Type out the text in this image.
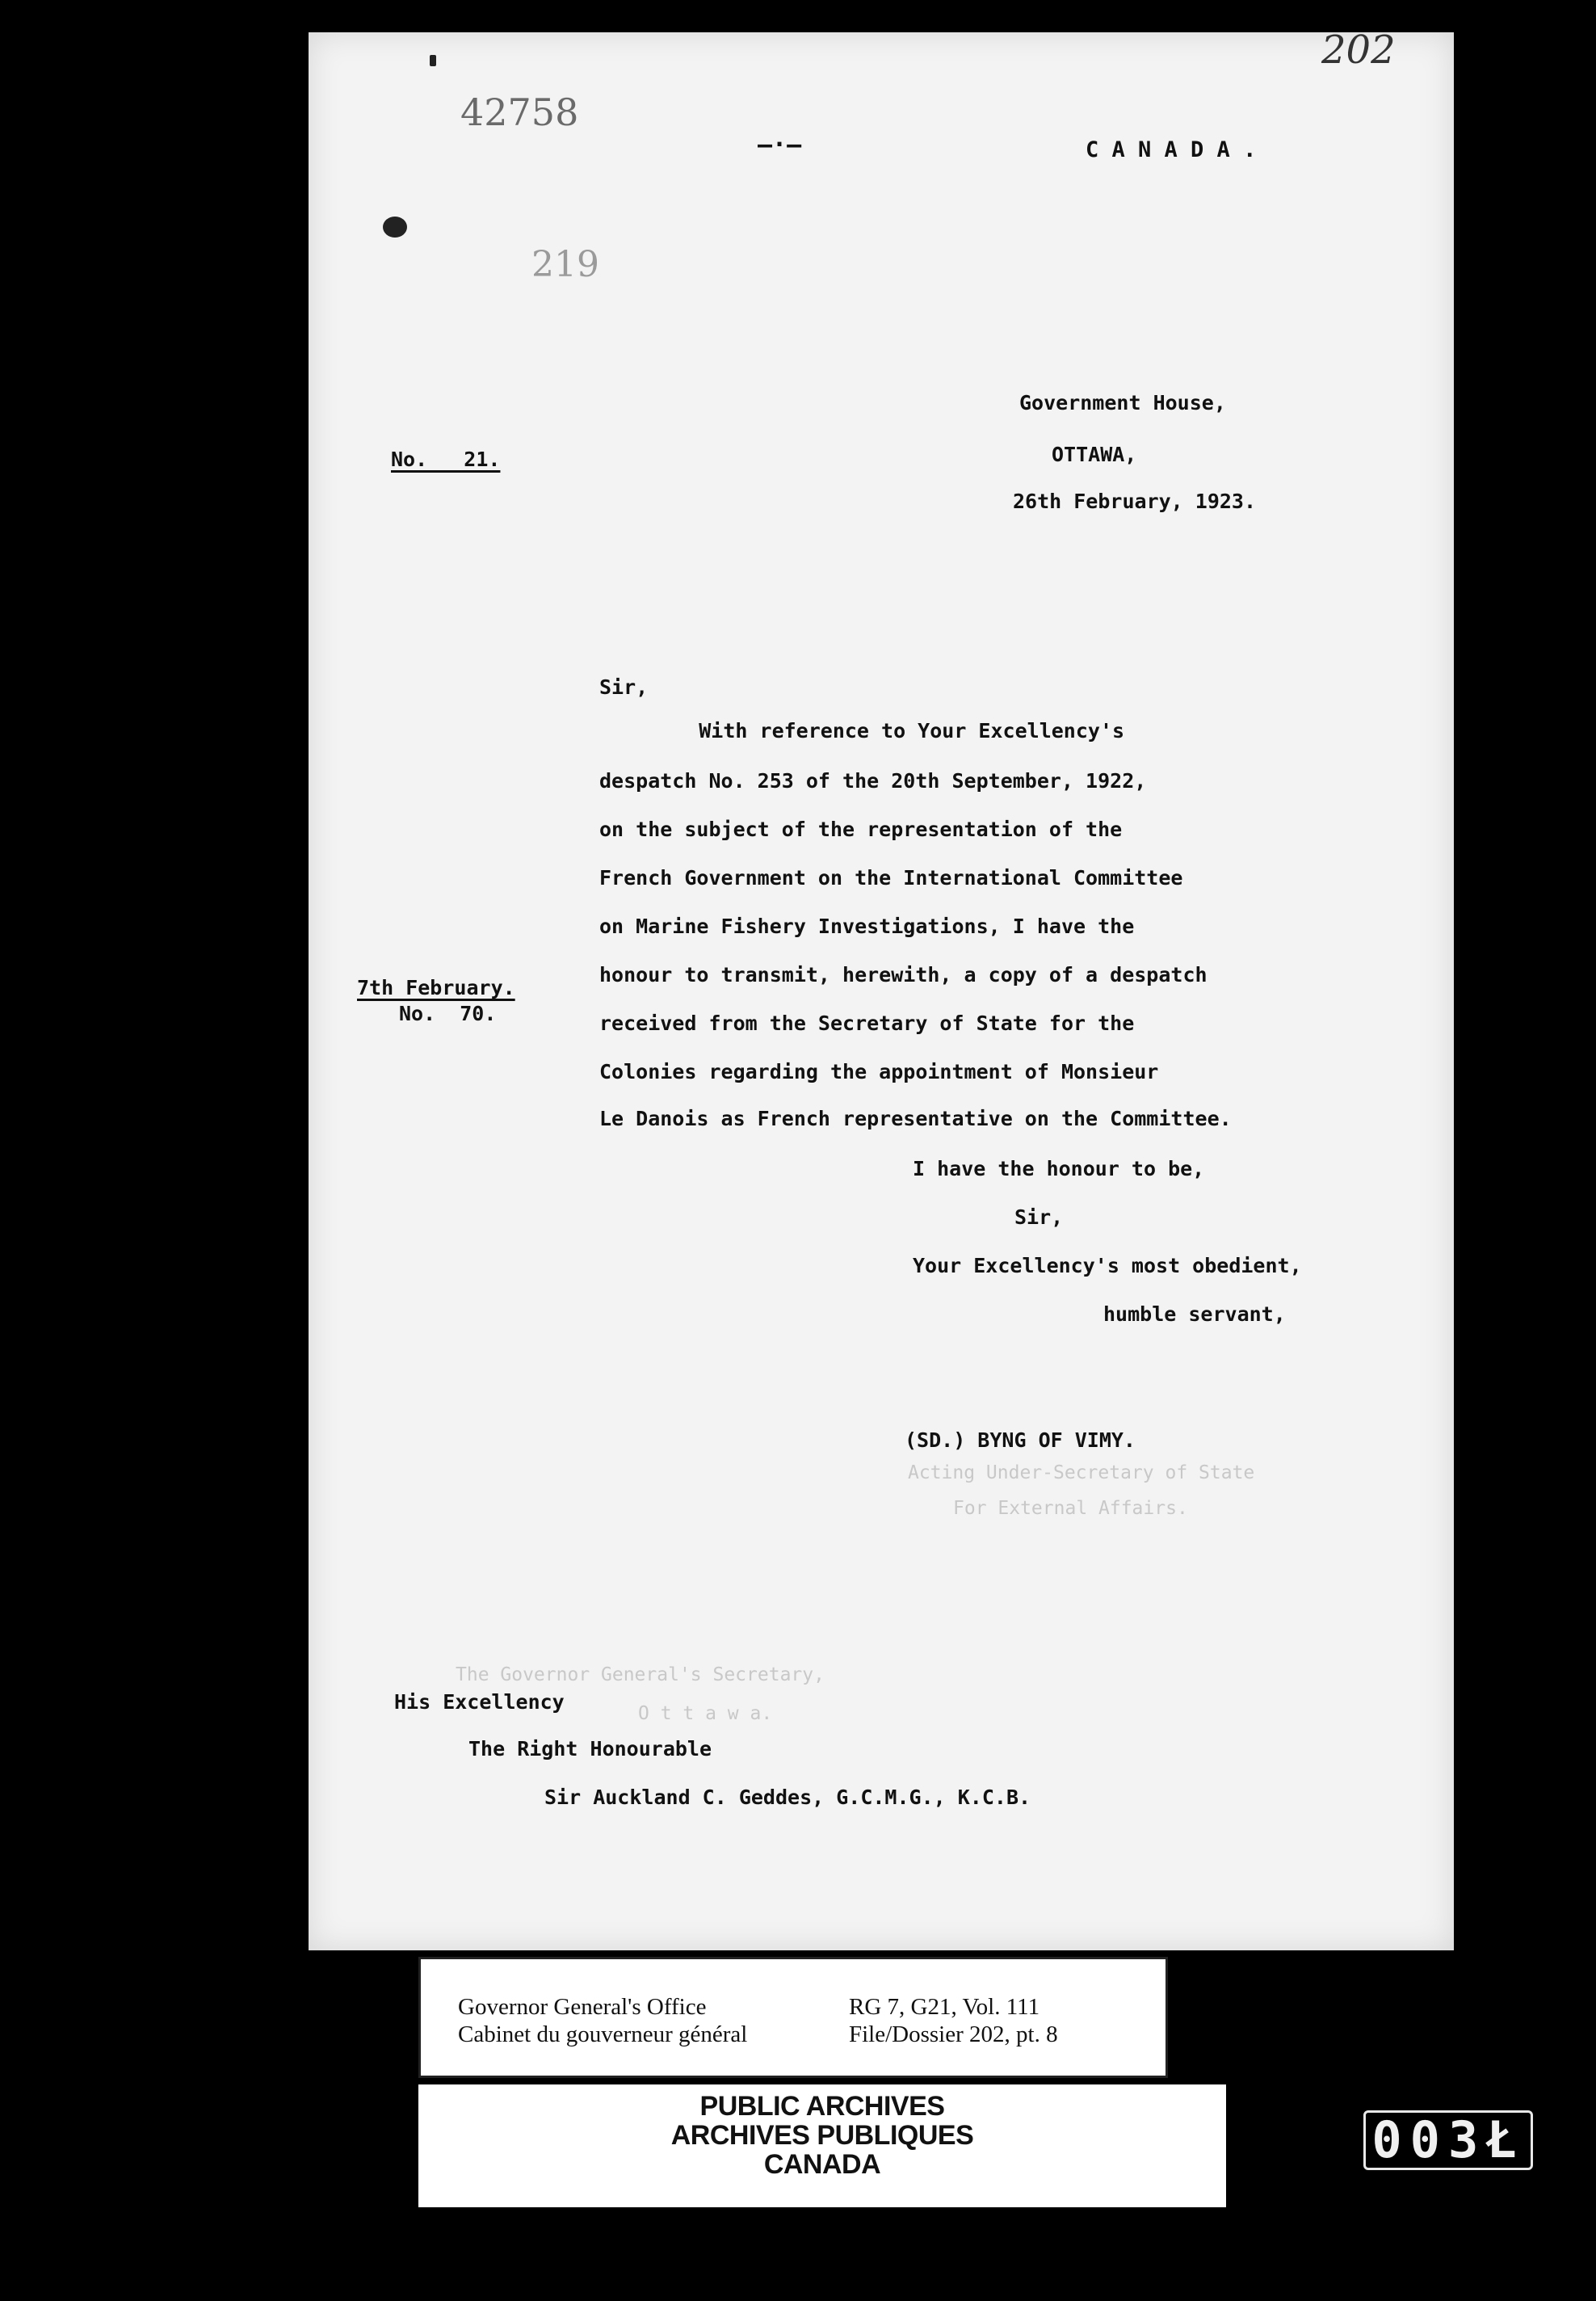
42758
219
202
—·—	C A N A D A .
No.   21.
Government House,
OTTAWA,
26th February, 1923.
7th February.
No.  70.
Acting Under-Secretary of State
For External Affairs.
The Governor General's Secretary,
O t t a w a.
Sir,
With reference to Your Excellency's
despatch No. 253 of the 20th September, 1922,
on the subject of the representation of the
French Government on the International Committee
on Marine Fishery Investigations, I have the
honour to transmit, herewith, a copy of a despatch
received from the Secretary of State for the
Colonies regarding the appointment of Monsieur
Le Danois as French representative on the Committee.
I have the honour to be,
Sir,
Your Excellency's most obedient,
humble servant,
(SD.) BYNG OF VIMY.
His Excellency
The Right Honourable
Sir Auckland C. Geddes, G.C.M.G., K.C.B.
Governor General's Office
Cabinet du gouverneur général
RG 7, G21, Vol. 111
File/Dossier 202, pt. 8
PUBLIC ARCHIVES
ARCHIVES PUBLIQUES
CANADA	003Ł
